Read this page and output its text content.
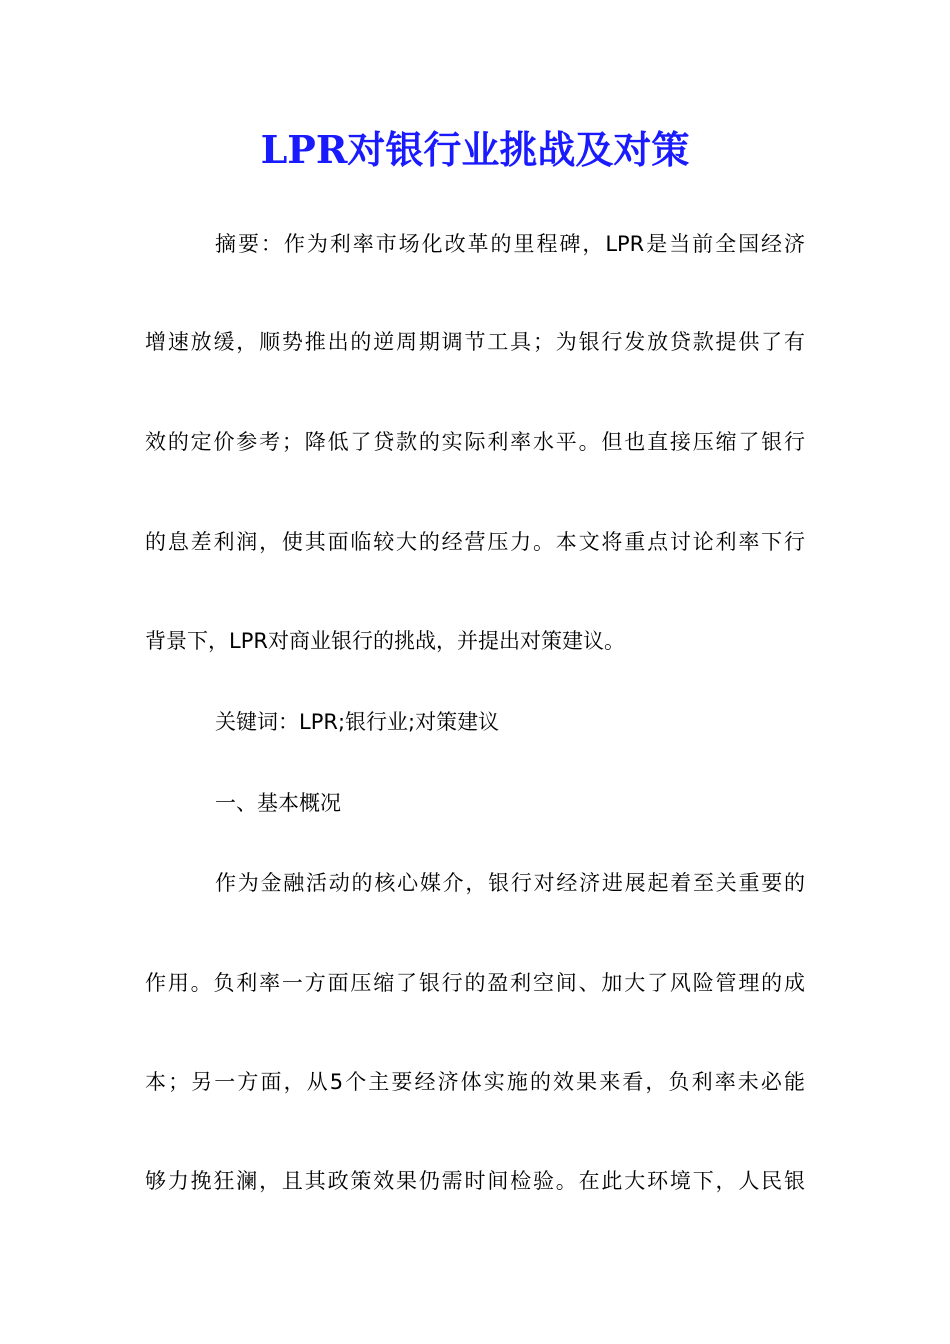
LPR对银行业挑战及对策
摘要：作为利率市场化改革的里程碑，LPR是当前全国经济
增速放缓，顺势推出的逆周期调节工具；为银行发放贷款提供了有
效的定价参考；降低了贷款的实际利率水平。但也直接压缩了银行
的息差利润，使其面临较大的经营压力。本文将重点讨论利率下行
背景下，LPR对商业银行的挑战，并提出对策建议。
关键词：LPR;银行业;对策建议
一、基本概况
作为金融活动的核心媒介，银行对经济进展起着至关重要的
作用。负利率一方面压缩了银行的盈利空间、加大了风险管理的成
本；另一方面，从5个主要经济体实施的效果来看，负利率未必能
够力挽狂澜，且其政策效果仍需时间检验。在此大环境下，人民银
